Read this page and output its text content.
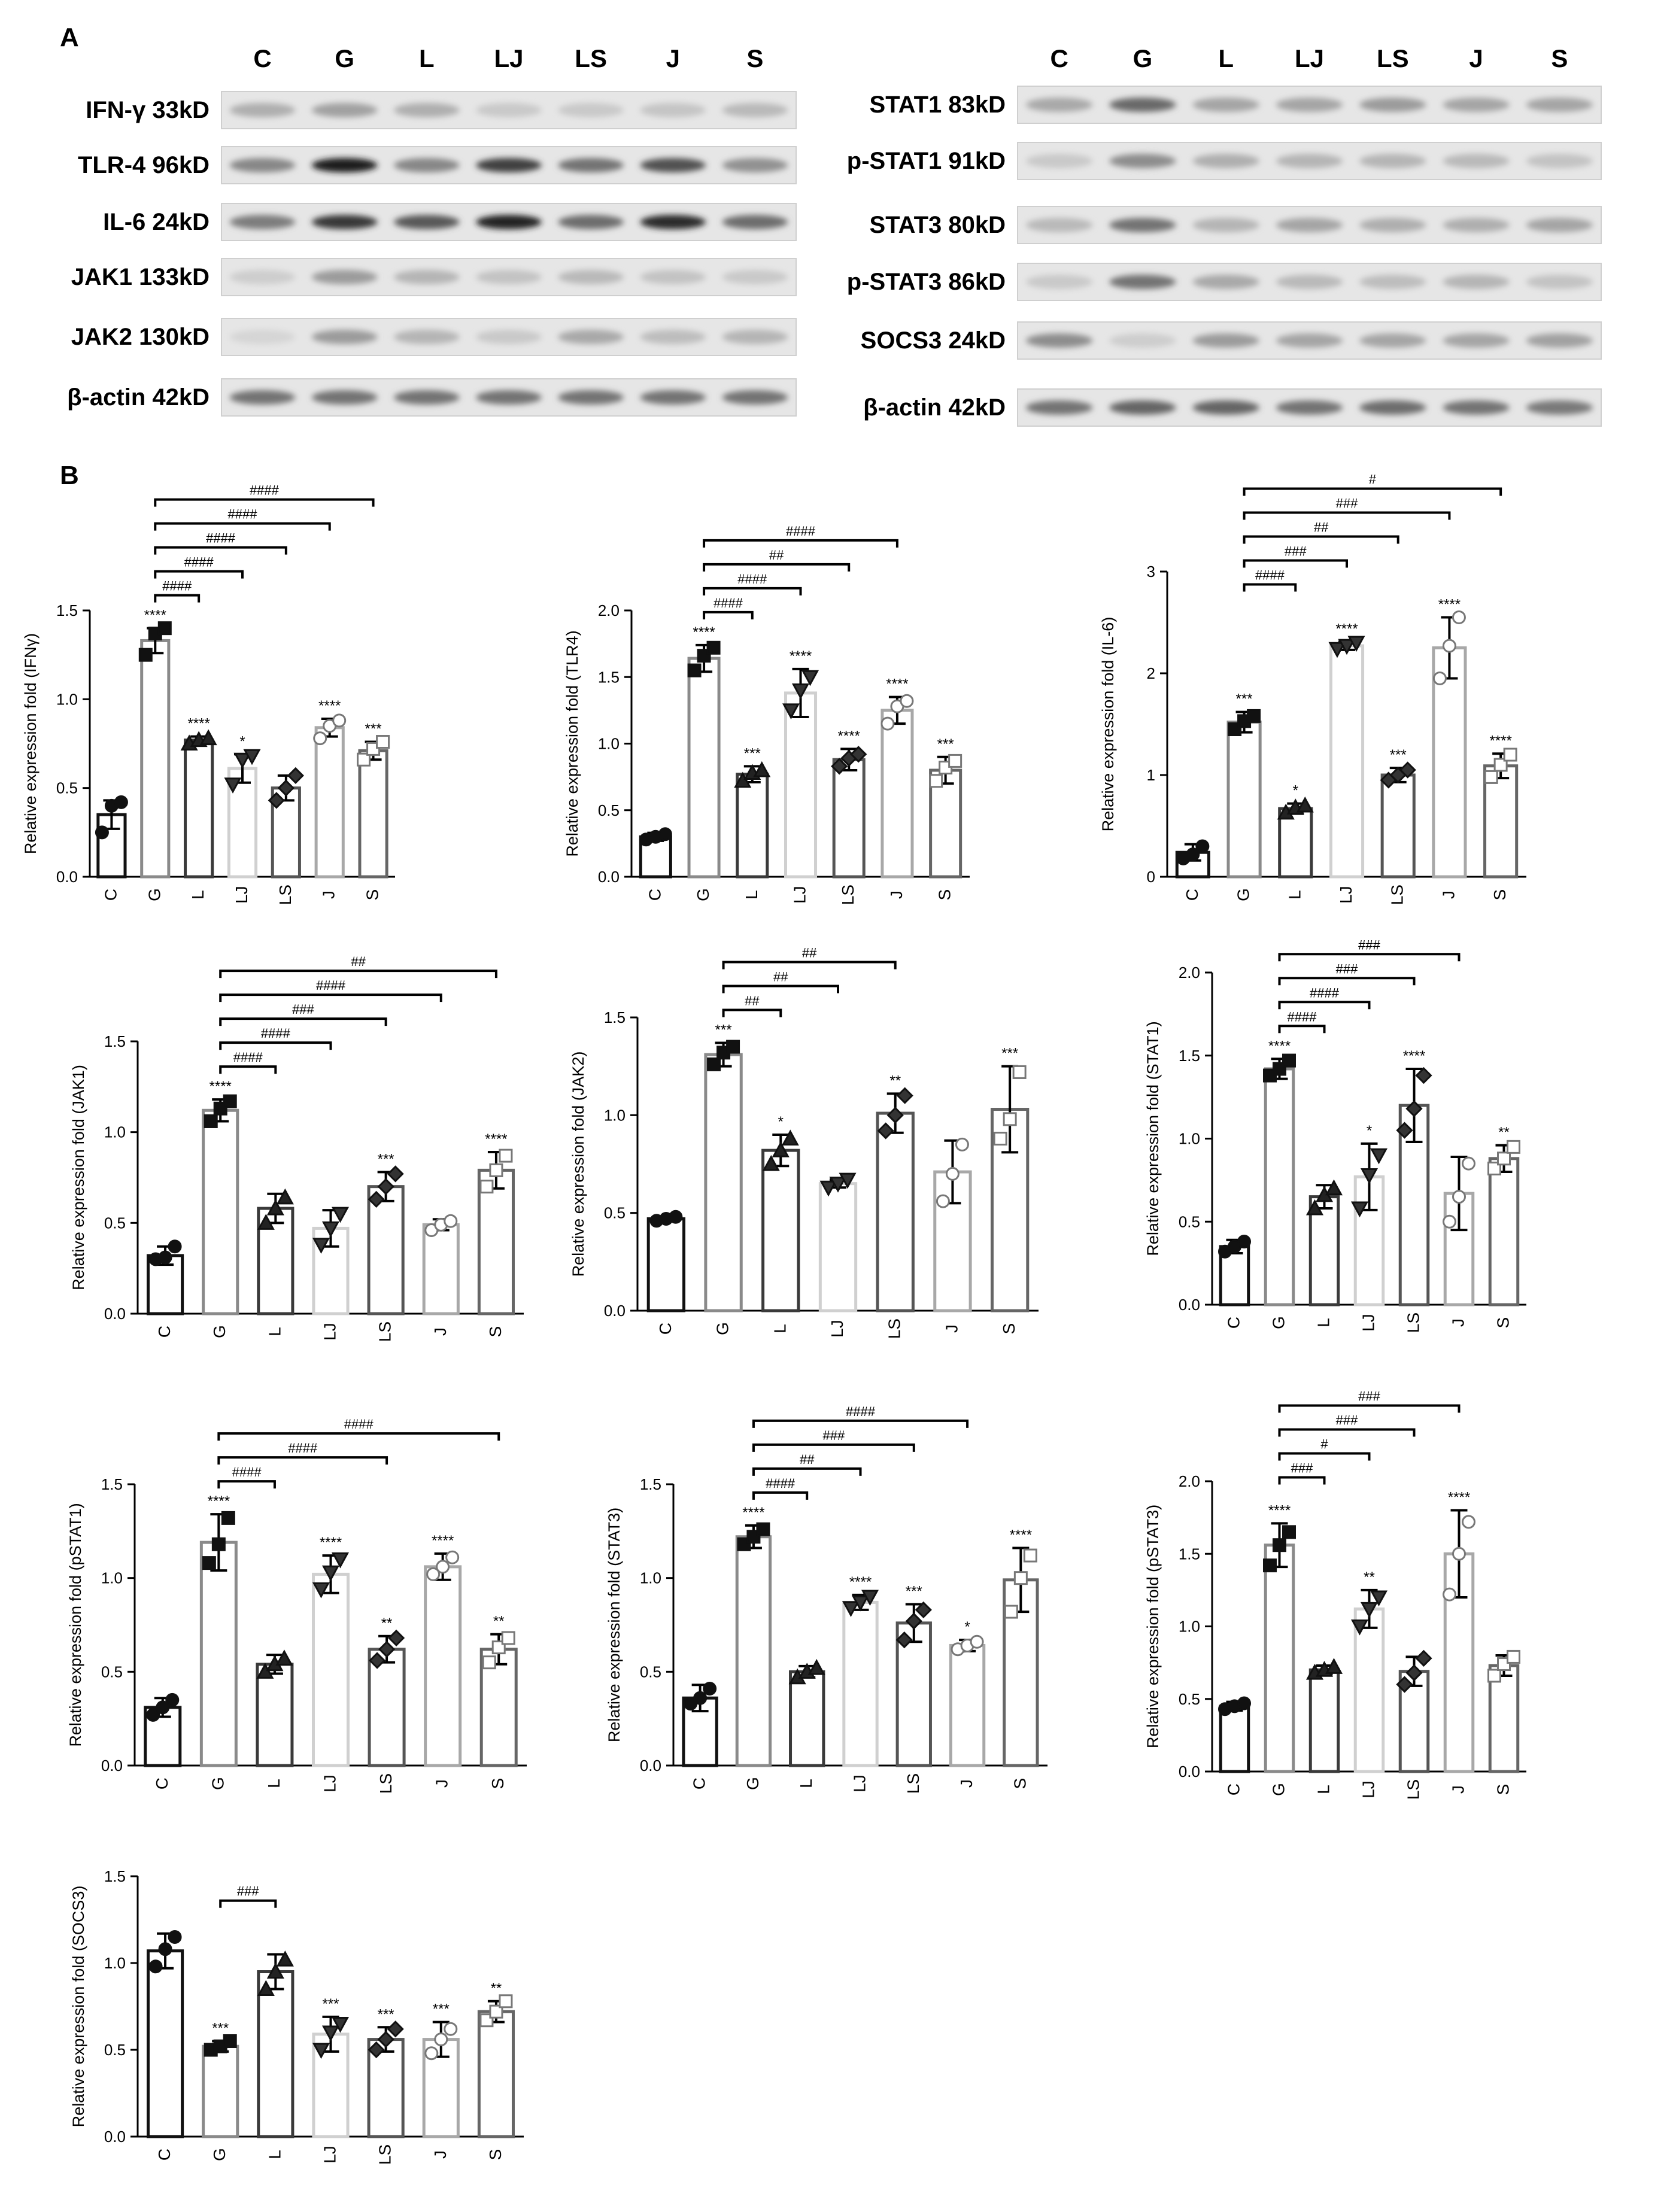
A
B
C	G	L LJ LS J	S
IFN-γ 33kD
TLR-4 96kD
IL-6 24kD
JAK1 133kD
JAK2 130kD
β-actin 42kD
C	G	L LJ LS J	S
STAT1 83kD
p-STAT1 91kD
STAT3 80kD
p-STAT3 86kD
SOCS3 24kD
β-actin 42kD
0.0
0.5
1.0
1.5
Relative expression fold (IFNγ)
C
****
G
****
L
*
LJ LS
****
J
***
S
####
####
####
####
####
0.0
0.5
1.0
1.5
2.0
Relative expression fold (TLR4)
C
****
G
***
L
****
LJ
****
LS
****
J
***
S
####
####
##
####
0
1
2
3
Relative expression fold (IL-6)
C
***
G
*
L
****
LJ
***
LS
****
J
****
S
####
###
##
###
#
0.0
0.5
1.0
1.5
Relative expression fold (JAK1)
C
****
G L LJ
***
LS J
****
S
####
####
###
####
##
0.0
0.5
1.0
1.5
Relative expression fold (JAK2)
C
***
G
*
L LJ
**
LS J
***
S
##
##
##
0.0
0.5
1.0
1.5
2.0
Relative expression fold (STAT1)
C
****
G L
*
LJ
****
LS J
**
S
####
####
###
###
0.0
0.5
1.0
1.5
Relative expression fold (pSTAT1)
C
****
G L
****
LJ
**
LS
****
J
**
S
####
####
####
0.0
0.5
1.0
1.5
Relative expression fold (STAT3)
C
****
G L
****
LJ
***
LS
*
J
****
S
####
##
###
####
0.0
0.5
1.0
1.5
2.0
Relative expression fold (pSTAT3)
C
****
G L
**
LJ LS
****
J S
###
#
###
###
0.0
0.5
1.0
1.5
Relative expression fold (SOCS3)
C
***
G L
***
LJ
***
LS
***
J
**
S
###
